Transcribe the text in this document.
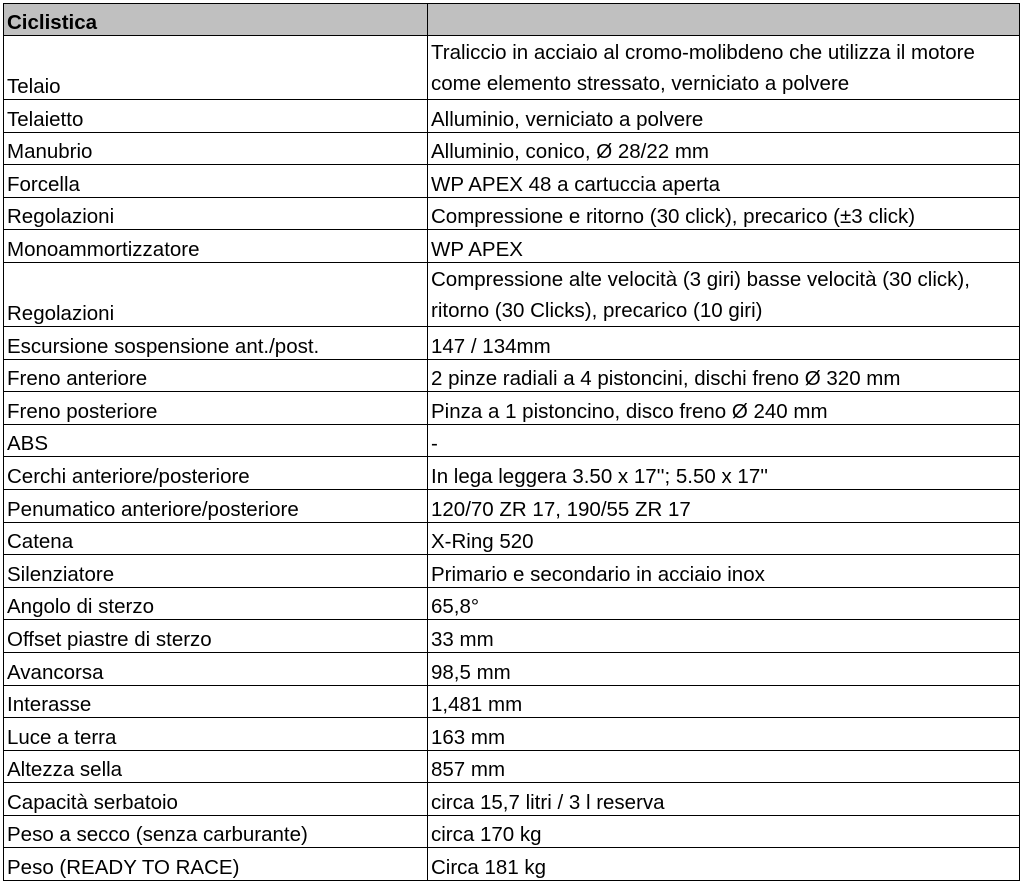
Ciclistica	
Telaio	Traliccio in acciaio al cromo-molibdeno che utilizza il motore come elemento stressato, verniciato a polvere
Telaietto	Alluminio, verniciato a polvere
Manubrio	Alluminio, conico, Ø 28/22 mm
Forcella	WP APEX 48 a cartuccia aperta
Regolazioni	Compressione e ritorno (30 click), precarico (±3 click)
Monoammortizzatore	WP APEX
Regolazioni	Compressione alte velocità (3 giri) basse velocità (30 click), ritorno (30 Clicks), precarico (10 giri)
Escursione sospensione ant./post.	147 / 134mm
Freno anteriore	2 pinze radiali a 4 pistoncini, dischi freno Ø 320 mm
Freno posteriore	Pinza a 1 pistoncino, disco freno Ø 240 mm
ABS	-
Cerchi anteriore/posteriore	In lega leggera 3.50 x 17''; 5.50 x 17''
Penumatico anteriore/posteriore	120/70 ZR 17, 190/55 ZR 17
Catena	X-Ring 520
Silenziatore	Primario e secondario in acciaio inox
Angolo di sterzo	65,8°
Offset piastre di sterzo	33 mm
Avancorsa	98,5 mm
Interasse	1,481 mm
Luce a terra	163 mm
Altezza sella	857 mm
Capacità serbatoio	circa 15,7 litri / 3 l reserva
Peso a secco (senza carburante)	circa 170 kg
Peso (READY TO RACE)	Circa 181 kg
